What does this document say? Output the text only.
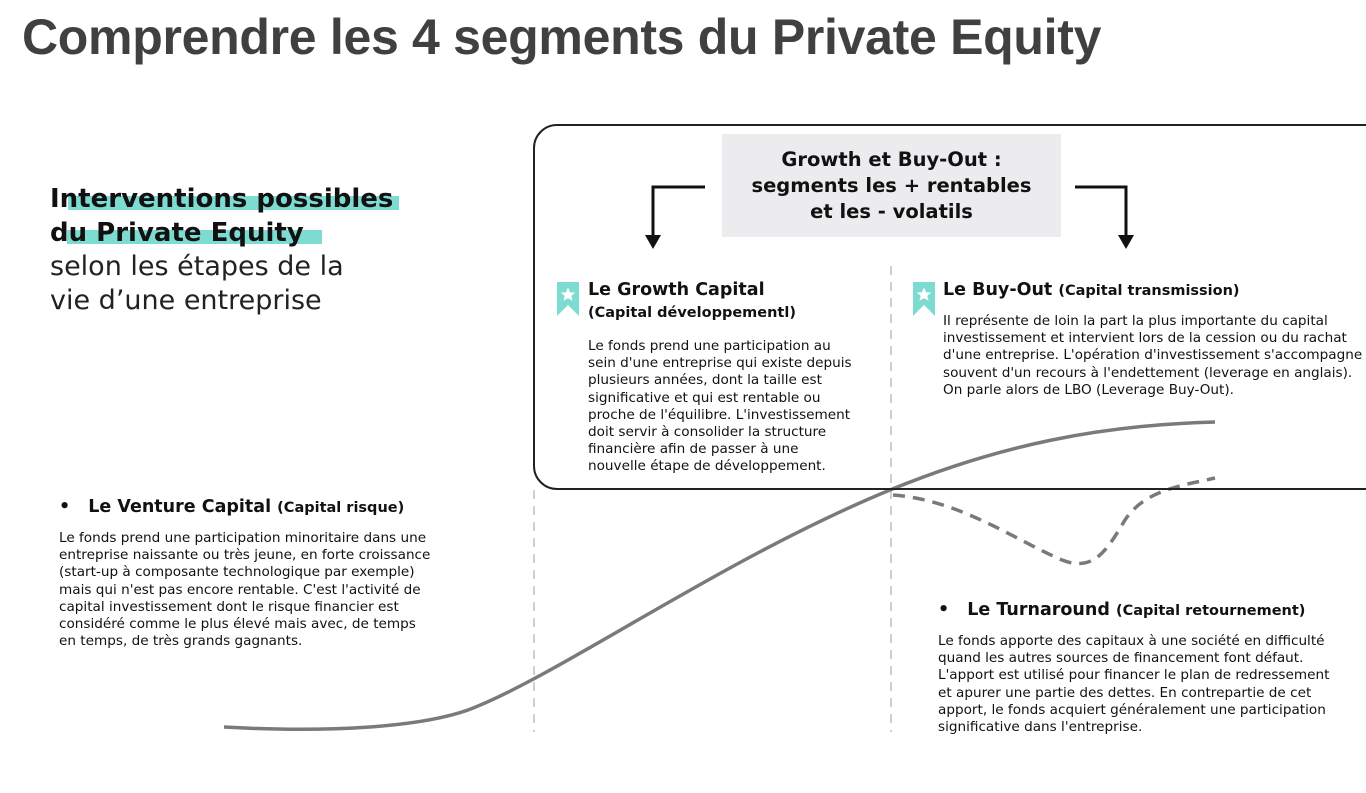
Comprendre les 4 segments du Private Equity
Interventions possibles
du Private Equity
selon les étapes de la
vie d’une entreprise
Growth et Buy-Out :
segments les + rentables
et les - volatils
Le Growth Capital
(Capital développementl)
Le fonds prend une participation au
sein d'une entreprise qui existe depuis
plusieurs années, dont la taille est
significative et qui est rentable ou
proche de l'équilibre. L'investissement
doit servir à consolider la structure
financière afin de passer à une
nouvelle étape de développement.
Le Buy-Out (Capital transmission)
Il représente de loin la part la plus importante du capital
investissement et intervient lors de la cession ou du rachat
d'une entreprise. L'opération d'investissement s'accompagne
souvent d'un recours à l'endettement (leverage en anglais).
On parle alors de LBO (Leverage Buy-Out).
• Le Venture Capital (Capital risque)
Le fonds prend une participation minoritaire dans une
entreprise naissante ou très jeune, en forte croissance
(start-up à composante technologique par exemple)
mais qui n'est pas encore rentable. C'est l'activité de
capital investissement dont le risque financier est
considéré comme le plus élevé mais avec, de temps
en temps, de très grands gagnants.
• Le Turnaround (Capital retournement)
Le fonds apporte des capitaux à une société en difficulté
quand les autres sources de financement font défaut.
L'apport est utilisé pour financer le plan de redressement
et apurer une partie des dettes. En contrepartie de cet
apport, le fonds acquiert généralement une participation
significative dans l'entreprise.
